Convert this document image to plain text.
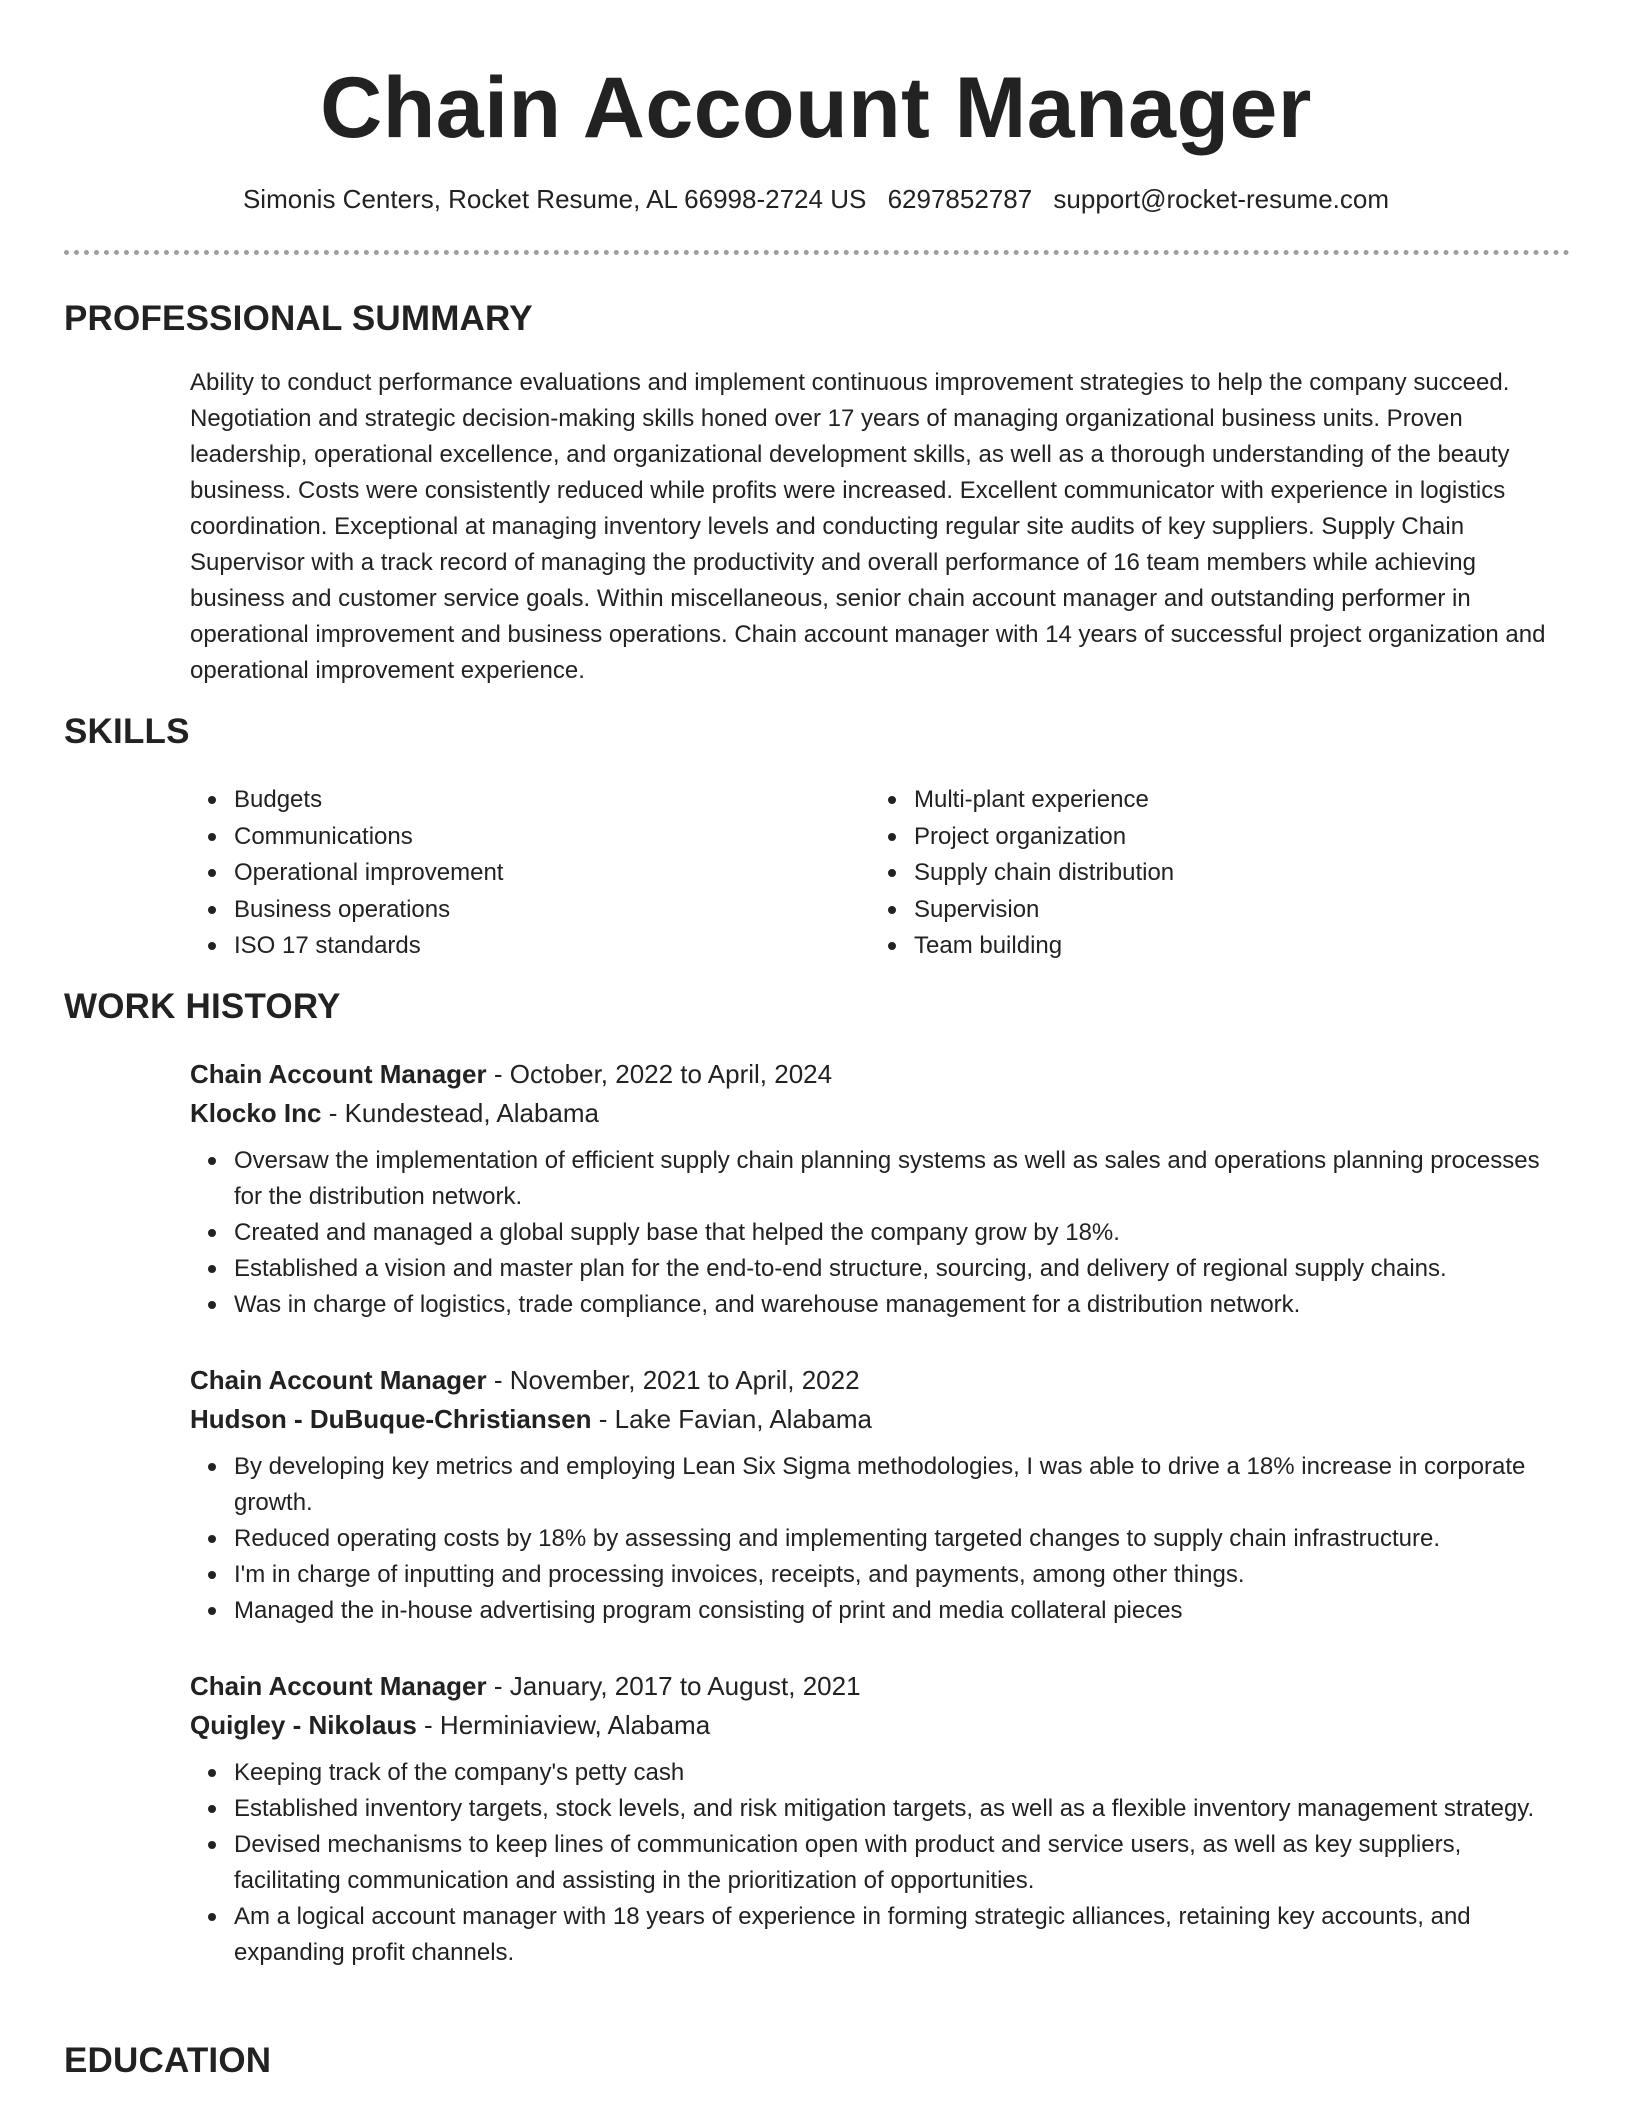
Chain Account Manager
Simonis Centers, Rocket Resume, AL 66998-2724 US 6297852787 support@rocket-resume.com
PROFESSIONAL SUMMARY
Ability to conduct performance evaluations and implement continuous improvement strategies to help the company succeed. Negotiation and strategic decision-making skills honed over 17 years of managing organizational business units. Proven leadership, operational excellence, and organizational development skills, as well as a thorough understanding of the beauty business. Costs were consistently reduced while profits were increased. Excellent communicator with experience in logistics coordination. Exceptional at managing inventory levels and conducting regular site audits of key suppliers. Supply Chain Supervisor with a track record of managing the productivity and overall performance of 16 team members while achieving business and customer service goals. Within miscellaneous, senior chain account manager and outstanding performer in operational improvement and business operations. Chain account manager with 14 years of successful project organization and operational improvement experience.
SKILLS
Budgets
Communications
Operational improvement
Business operations
ISO 17 standards
Multi-plant experience
Project organization
Supply chain distribution
Supervision
Team building
WORK HISTORY
Chain Account Manager - October, 2022 to April, 2024
Klocko Inc - Kundestead, Alabama
Oversaw the implementation of efficient supply chain planning systems as well as sales and operations planning processes for the distribution network.
Created and managed a global supply base that helped the company grow by 18%.
Established a vision and master plan for the end-to-end structure, sourcing, and delivery of regional supply chains.
Was in charge of logistics, trade compliance, and warehouse management for a distribution network.
Chain Account Manager - November, 2021 to April, 2022
Hudson - DuBuque-Christiansen - Lake Favian, Alabama
By developing key metrics and employing Lean Six Sigma methodologies, I was able to drive a 18% increase in corporate growth.
Reduced operating costs by 18% by assessing and implementing targeted changes to supply chain infrastructure.
I'm in charge of inputting and processing invoices, receipts, and payments, among other things.
Managed the in-house advertising program consisting of print and media collateral pieces
Chain Account Manager - January, 2017 to August, 2021
Quigley - Nikolaus - Herminiaview, Alabama
Keeping track of the company's petty cash
Established inventory targets, stock levels, and risk mitigation targets, as well as a flexible inventory management strategy.
Devised mechanisms to keep lines of communication open with product and service users, as well as key suppliers, facilitating communication and assisting in the prioritization of opportunities.
Am a logical account manager with 18 years of experience in forming strategic alliances, retaining key accounts, and expanding profit channels.
EDUCATION
